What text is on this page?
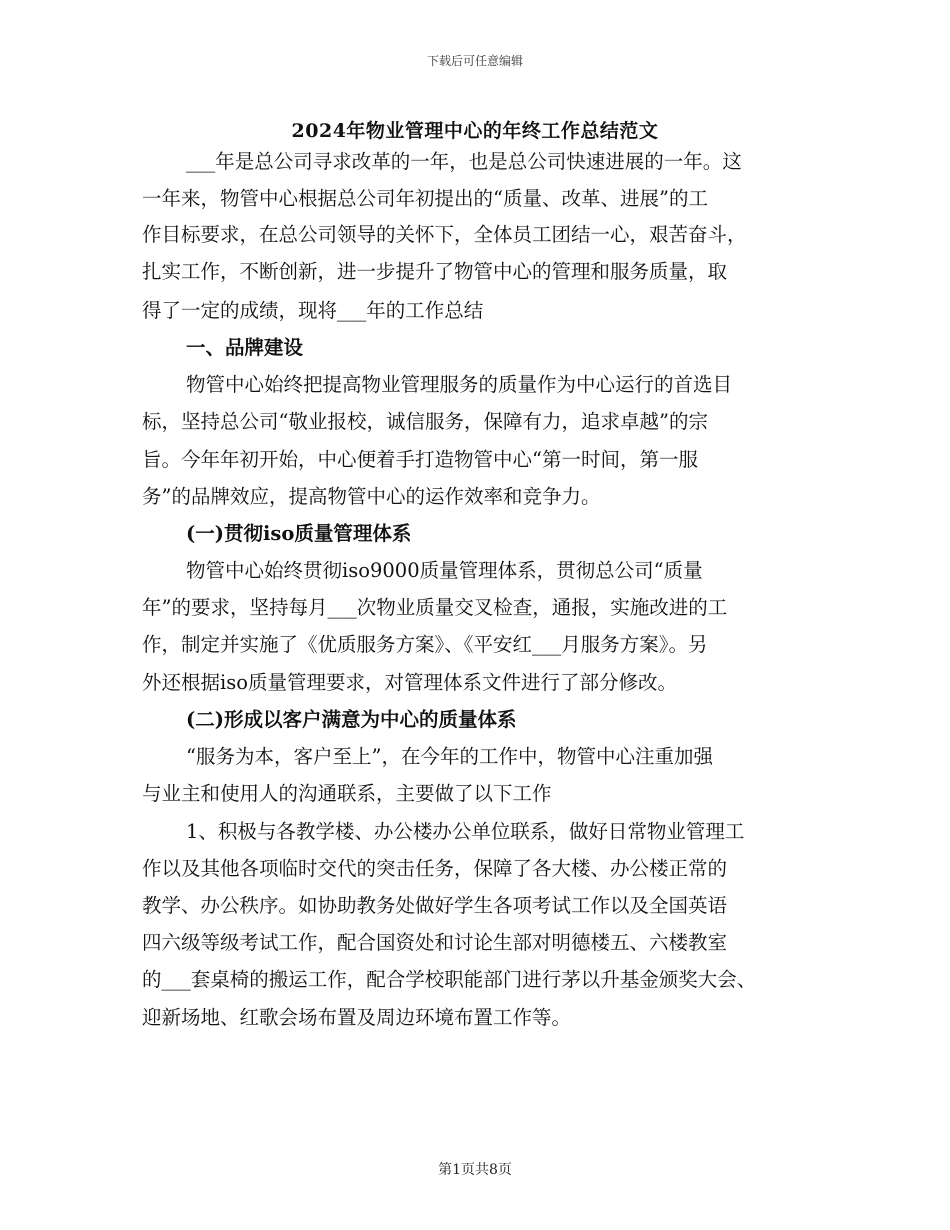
下载后可任意编辑
2024年物业管理中心的年终工作总结范文
___年是总公司寻求改革的一年，也是总公司快速进展的一年。这
一年来，物管中心根据总公司年初提出的“质量、改革、进展”的工
作目标要求，在总公司领导的关怀下，全体员工团结一心，艰苦奋斗，
扎实工作，不断创新，进一步提升了物管中心的管理和服务质量，取
得了一定的成绩，现将___年的工作总结
一、品牌建设
物管中心始终把提高物业管理服务的质量作为中心运行的首选目
标，坚持总公司“敬业报校，诚信服务，保障有力，追求卓越”的宗
旨。今年年初开始，中心便着手打造物管中心“第一时间，第一服
务”的品牌效应，提高物管中心的运作效率和竞争力。
(一)贯彻iso质量管理体系
物管中心始终贯彻iso9000质量管理体系，贯彻总公司“质量
年”的要求，坚持每月___次物业质量交叉检查，通报，实施改进的工
作，制定并实施了《优质服务方案》、《平安红___月服务方案》。另
外还根据iso质量管理要求，对管理体系文件进行了部分修改。
(二)形成以客户满意为中心的质量体系
“服务为本，客户至上”，在今年的工作中，物管中心注重加强
与业主和使用人的沟通联系，主要做了以下工作
1、积极与各教学楼、办公楼办公单位联系，做好日常物业管理工
作以及其他各项临时交代的突击任务，保障了各大楼、办公楼正常的
教学、办公秩序。如协助教务处做好学生各项考试工作以及全国英语
四六级等级考试工作，配合国资处和讨论生部对明德楼五、六楼教室
的___套桌椅的搬运工作，配合学校职能部门进行茅以升基金颁奖大会、
迎新场地、红歌会场布置及周边环境布置工作等。
第1页共8页
